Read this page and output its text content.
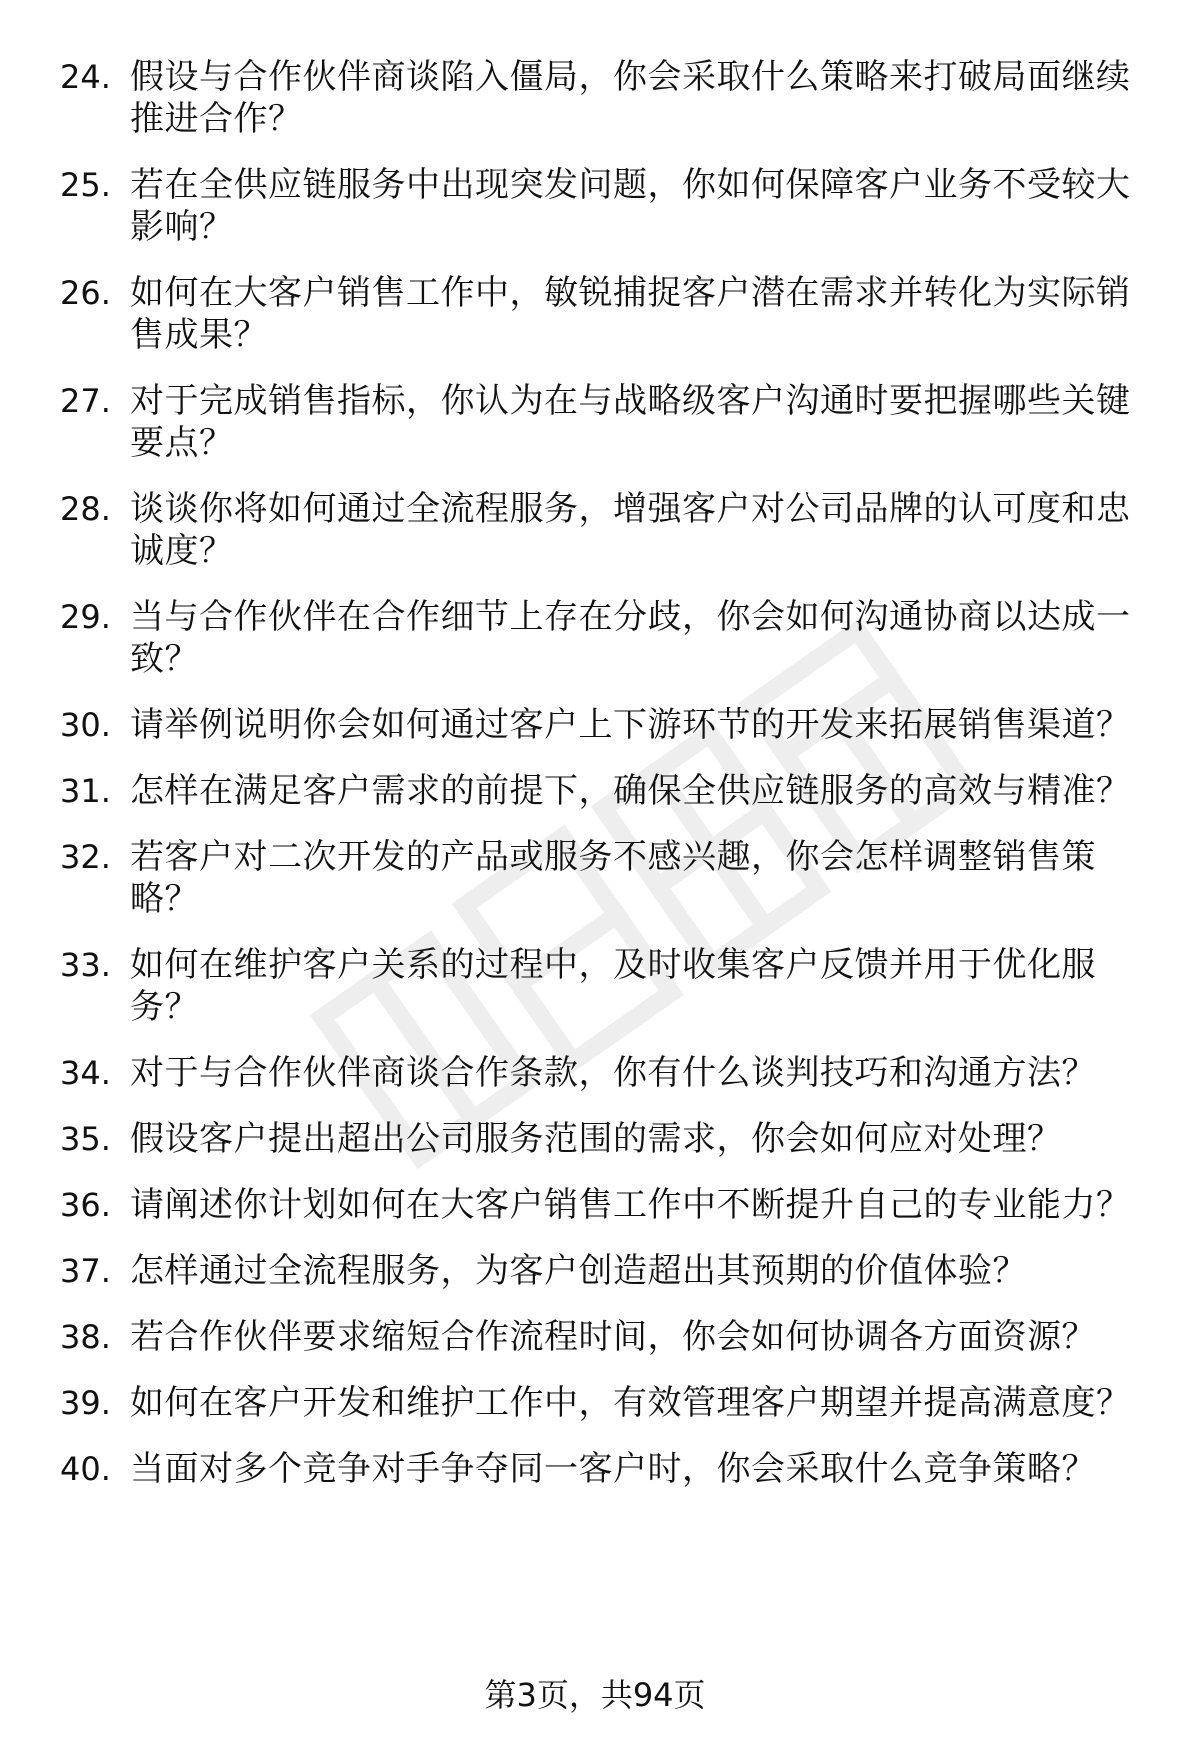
24. 假设与合作伙伴商谈陷入僵局，你会采取什么策略来打破局面继续推进合作？
25. 若在全供应链服务中出现突发问题，你如何保障客户业务不受较大影响？
26. 如何在大客户销售工作中，敏锐捕捉客户潜在需求并转化为实际销售成果？
27. 对于完成销售指标，你认为在与战略级客户沟通时要把握哪些关键要点？
28. 谈谈你将如何通过全流程服务，增强客户对公司品牌的认可度和忠诚度？
29. 当与合作伙伴在合作细节上存在分歧，你会如何沟通协商以达成一致？
30. 请举例说明你会如何通过客户上下游环节的开发来拓展销售渠道？
31. 怎样在满足客户需求的前提下，确保全供应链服务的高效与精准？
32. 若客户对二次开发的产品或服务不感兴趣，你会怎样调整销售策略？
33. 如何在维护客户关系的过程中，及时收集客户反馈并用于优化服务？
34. 对于与合作伙伴商谈合作条款，你有什么谈判技巧和沟通方法？
35. 假设客户提出超出公司服务范围的需求，你会如何应对处理？
36. 请阐述你计划如何在大客户销售工作中不断提升自己的专业能力？
37. 怎样通过全流程服务，为客户创造超出其预期的价值体验？
38. 若合作伙伴要求缩短合作流程时间，你会如何协调各方面资源？
39. 如何在客户开发和维护工作中，有效管理客户期望并提高满意度？
40. 当面对多个竞争对手争夺同一客户时，你会采取什么竞争策略？
第3页，共94页
